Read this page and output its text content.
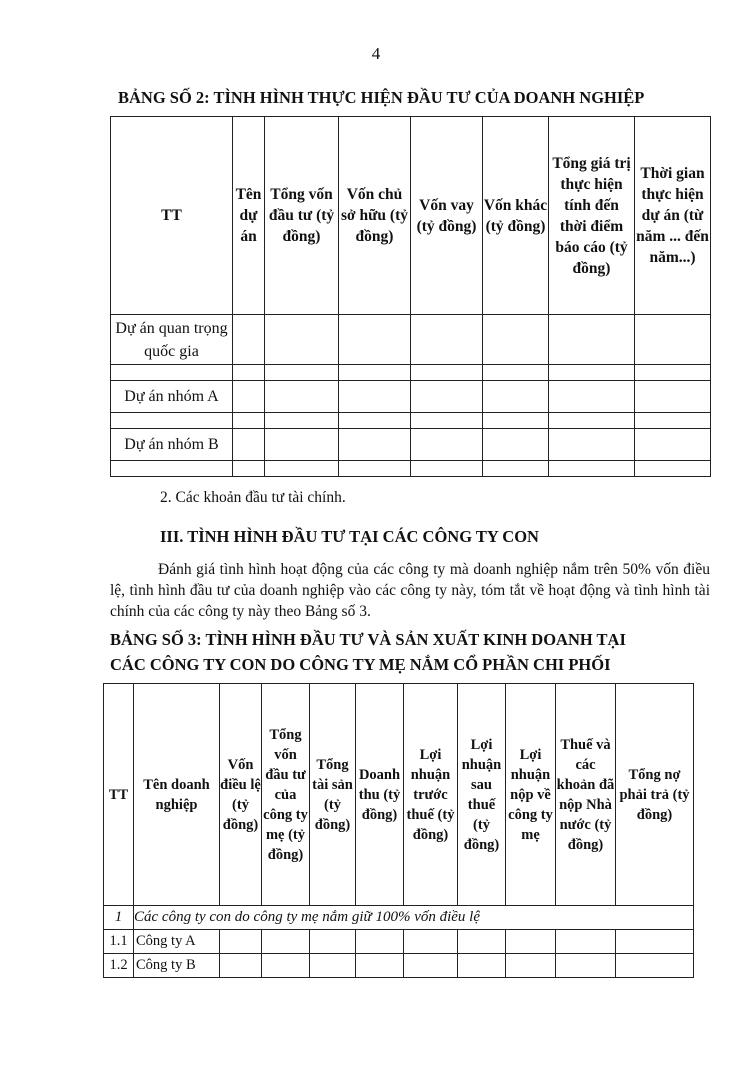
4
BẢNG SỐ 2: TÌNH HÌNH THỰC HIỆN ĐẦU TƯ CỦA DOANH NGHIỆP
TT	Tên dự án	Tổng vốn đầu tư (tỷ đồng)	Vốn chủ sở hữu (tỷ đồng)	Vốn vay (tỷ đồng)	Vốn khác (tỷ đồng)	Tổng giá trị thực hiện tính đến thời điểm báo cáo (tỷ đồng)	Thời gian thực hiện dự án (từ năm ... đến năm...)
Dự án quan trọng quốc gia							

Dự án nhóm A							

Dự án nhóm B							

2. Các khoản đầu tư tài chính.
III. TÌNH HÌNH ĐẦU TƯ TẠI CÁC CÔNG TY CON
Đánh giá tình hình hoạt động của các công ty mà doanh nghiệp nắm trên 50% vốn điều lệ, tình hình đầu tư của doanh nghiệp vào các công ty này, tóm tắt về hoạt động và tình hình tài chính của các công ty này theo Bảng số 3.
BẢNG SỐ 3: TÌNH HÌNH ĐẦU TƯ VÀ SẢN XUẤT KINH DOANH TẠI
CÁC CÔNG TY CON DO CÔNG TY MẸ NẮM CỔ PHẦN CHI PHỐI
TT	Tên doanh nghiệp	Vốn điều lệ (tỷ đồng)	Tổng vốn đầu tư của công ty mẹ (tỷ đồng)	Tổng tài sản (tỷ đồng)	Doanh thu (tỷ đồng)	Lợi nhuận trước thuế (tỷ đồng)	Lợi nhuận sau thuế (tỷ đồng)	Lợi nhuận nộp về công ty mẹ	Thuế và các khoản đã nộp Nhà nước (tỷ đồng)	Tổng nợ phải trả (tỷ đồng)
1	Các công ty con do công ty mẹ nắm giữ 100% vốn điều lệ									
1.1	Công ty A									
1.2	Công ty B									
